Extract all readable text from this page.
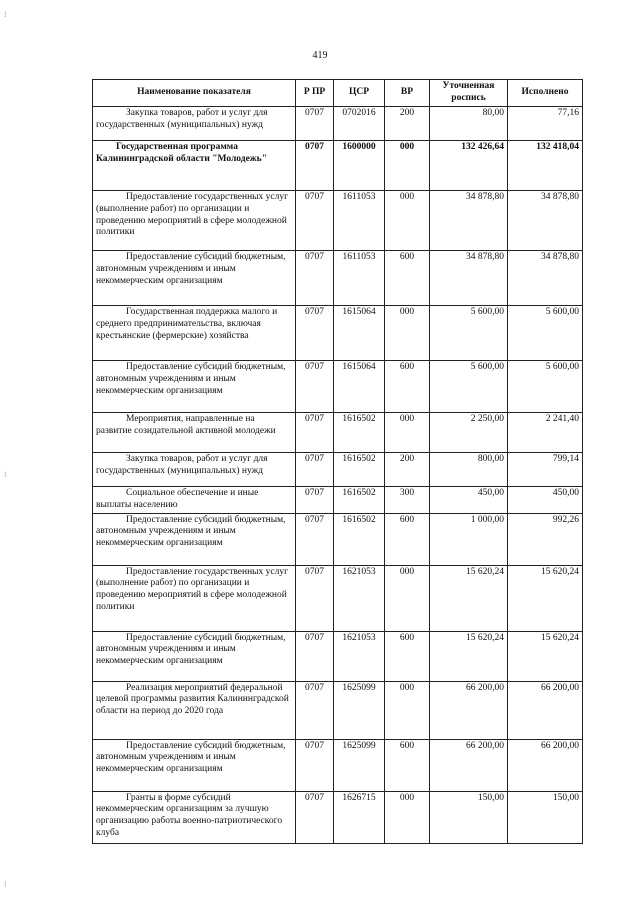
419
Наименование показателя	Р ПР	ЦСР	ВР	Уточненная роспись	Исполнено
Закупка товаров, работ и услуг для государственных (муниципальных) нужд	0707	0702016	200	80,00	77,16
Государственная программа Калининградской области "Молодежь"	0707	1600000	000	132 426,64	132 418,04
Предоставление государственных услуг (выполнение работ) по организации и проведению мероприятий в сфере молодежной политики	0707	1611053	000	34 878,80	34 878,80
Предоставление субсидий бюджетным, автономным учреждениям и иным некоммерческим организациям	0707	1611053	600	34 878,80	34 878,80
Государственная поддержка малого и среднего предпринимательства, включая крестьянские (фермерские) хозяйства	0707	1615064	000	5 600,00	5 600,00
Предоставление субсидий бюджетным, автономным учреждениям и иным некоммерческим организациям	0707	1615064	600	5 600,00	5 600,00
Мероприятия, направленные на развитие созидательной активной молодежи	0707	1616502	000	2 250,00	2 241,40
Закупка товаров, работ и услуг для государственных (муниципальных) нужд	0707	1616502	200	800,00	799,14
Социальное обеспечение и иные выплаты населению	0707	1616502	300	450,00	450,00
Предоставление субсидий бюджетным, автономным учреждениям и иным некоммерческим организациям	0707	1616502	600	1 000,00	992,26
Предоставление государственных услуг (выполнение работ) по организации и проведению мероприятий в сфере молодежной политики	0707	1621053	000	15 620,24	15 620,24
Предоставление субсидий бюджетным, автономным учреждениям и иным некоммерческим организациям	0707	1621053	600	15 620,24	15 620,24
Реализация мероприятий федеральной целевой программы развития Калининградской области на период до 2020 года	0707	1625099	000	66 200,00	66 200,00
Предоставление субсидий бюджетным, автономным учреждениям и иным некоммерческим организациям	0707	1625099	600	66 200,00	66 200,00
Гранты в форме субсидий некоммерческим организациям за лучшую организацию работы военно-патриотического клуба	0707	1626715	000	150,00	150,00
⁝
⁝
⁝
